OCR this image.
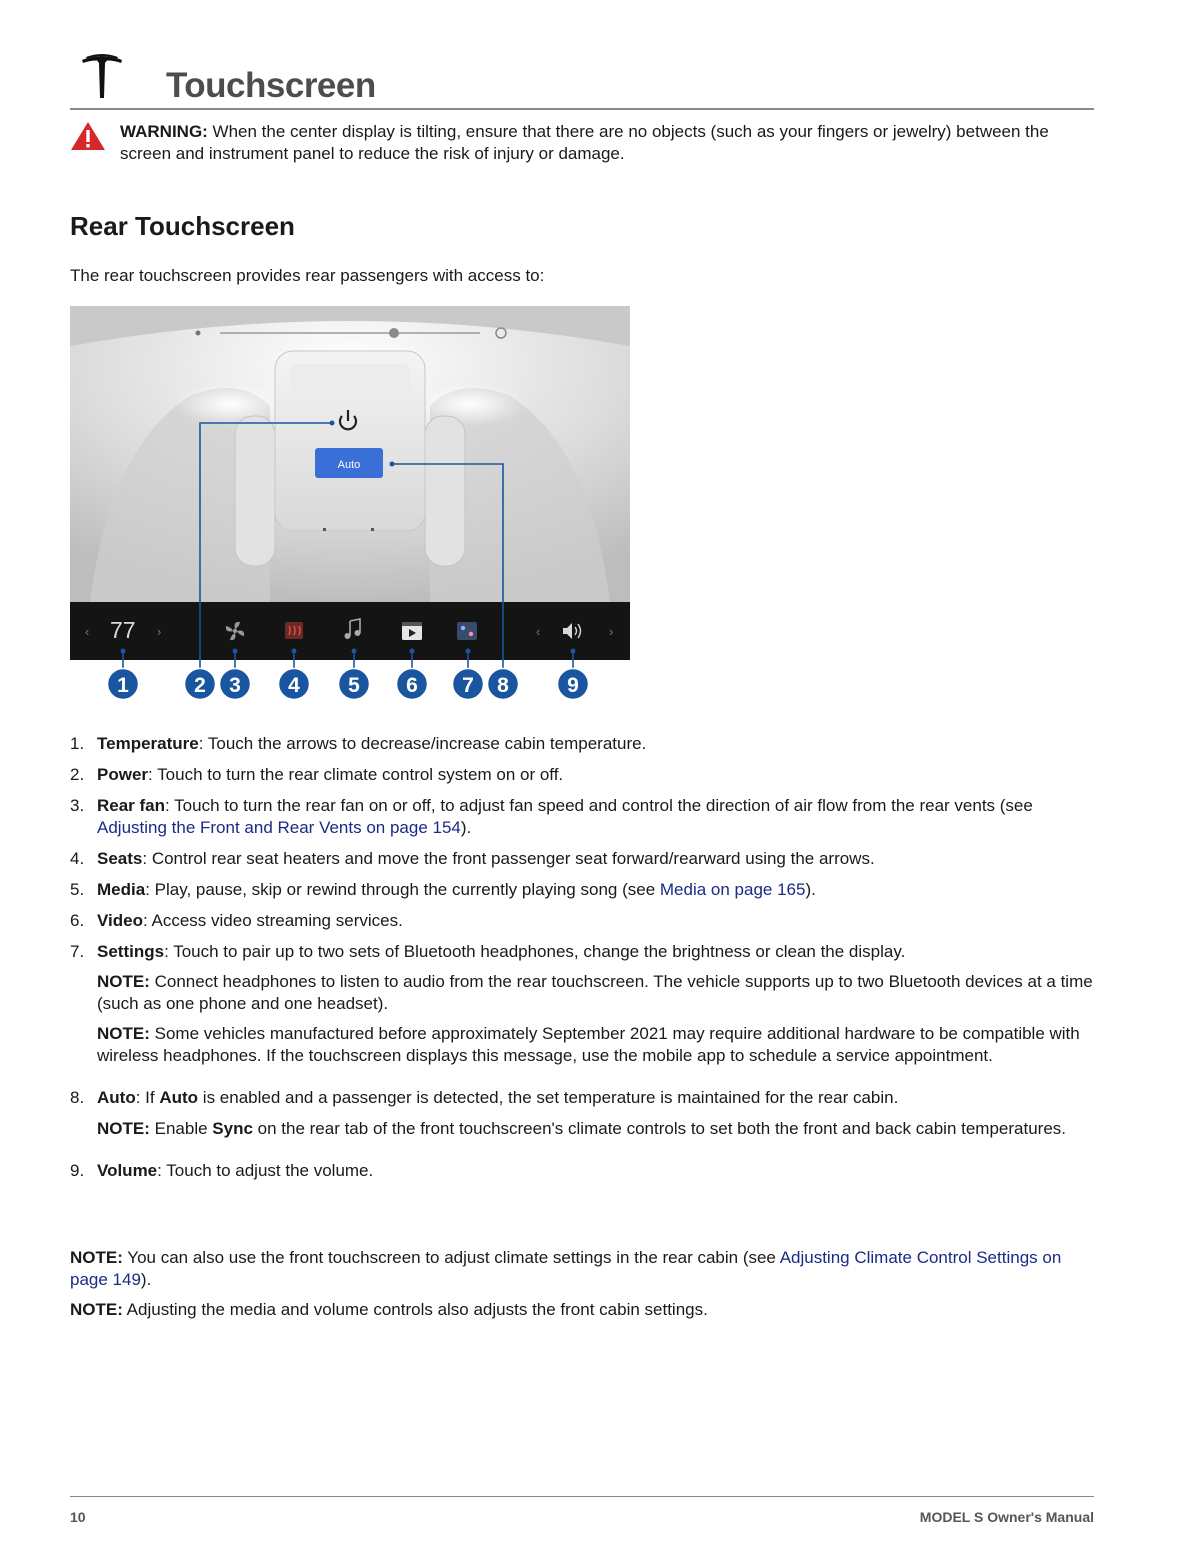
Touchscreen
WARNING: When the center display is tilting, ensure that there are no objects (such as your fingers or jewelry) between the screen and instrument panel to reduce the risk of injury or damage.
Rear Touchscreen
The rear touchscreen provides rear passengers with access to:
Auto
‹ 77 ›	‹	›
1	2 3 4 5 6 7 8	9
1. Temperature: Touch the arrows to decrease/increase cabin temperature.
2. Power: Touch to turn the rear climate control system on or off.
3. Rear fan: Touch to turn the rear fan on or off, to adjust fan speed and control the direction of air flow from the rear vents (see Adjusting the Front and Rear Vents on page 154).
4. Seats: Control rear seat heaters and move the front passenger seat forward/rearward using the arrows.
5. Media: Play, pause, skip or rewind through the currently playing song (see Media on page 165).
6. Video: Access video streaming services.
7. Settings: Touch to pair up to two sets of Bluetooth headphones, change the brightness or clean the display.
NOTE: Connect headphones to listen to audio from the rear touchscreen. The vehicle supports up to two Bluetooth devices at a time (such as one phone and one headset).
NOTE: Some vehicles manufactured before approximately September 2021 may require additional hardware to be compatible with wireless headphones. If the touchscreen displays this message, use the mobile app to schedule a service appointment.
8. Auto: If Auto is enabled and a passenger is detected, the set temperature is maintained for the rear cabin.
NOTE: Enable Sync on the rear tab of the front touchscreen's climate controls to set both the front and back cabin temperatures.
9. Volume: Touch to adjust the volume.
NOTE: You can also use the front touchscreen to adjust climate settings in the rear cabin (see Adjusting Climate Control Settings on page 149).
NOTE: Adjusting the media and volume controls also adjusts the front cabin settings.
10	MODEL S Owner's Manual
